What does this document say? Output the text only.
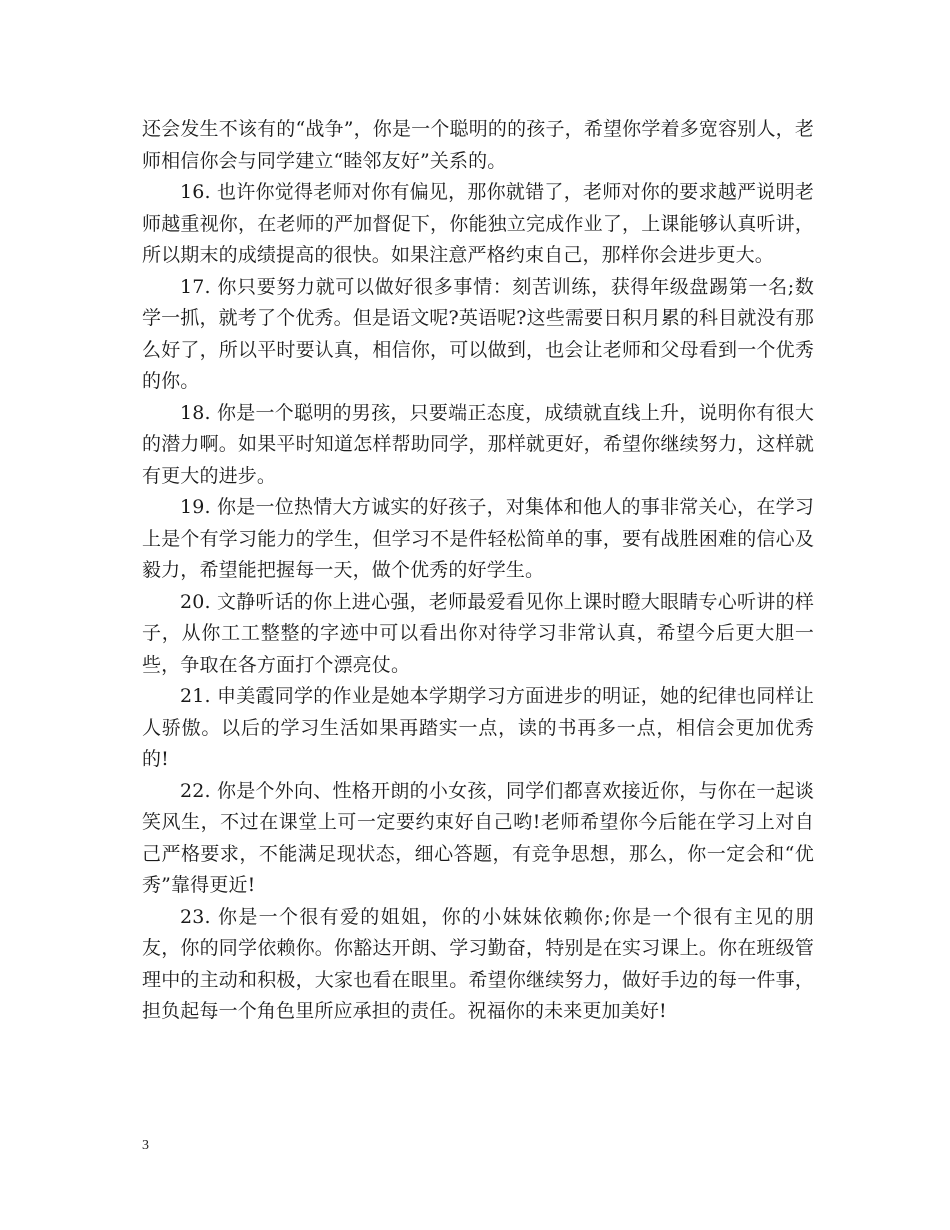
还会发生不该有的“战争”，你是一个聪明的的孩子，希望你学着多宽容别人，老师相信你会与同学建立“睦邻友好”关系的。

16. 也许你觉得老师对你有偏见，那你就错了，老师对你的要求越严说明老师越重视你，在老师的严加督促下，你能独立完成作业了，上课能够认真听讲，所以期末的成绩提高的很快。如果注意严格约束自己，那样你会进步更大。

17. 你只要努力就可以做好很多事情：刻苦训练，获得年级盘踢第一名;数学一抓，就考了个优秀。但是语文呢?英语呢?这些需要日积月累的科目就没有那么好了，所以平时要认真，相信你，可以做到，也会让老师和父母看到一个优秀的你。

18. 你是一个聪明的男孩，只要端正态度，成绩就直线上升，说明你有很大的潜力啊。如果平时知道怎样帮助同学，那样就更好，希望你继续努力，这样就有更大的进步。

19. 你是一位热情大方诚实的好孩子，对集体和他人的事非常关心，在学习上是个有学习能力的学生，但学习不是件轻松简单的事，要有战胜困难的信心及毅力，希望能把握每一天，做个优秀的好学生。

20. 文静听话的你上进心强，老师最爱看见你上课时瞪大眼睛专心听讲的样子，从你工工整整的字迹中可以看出你对待学习非常认真，希望今后更大胆一些，争取在各方面打个漂亮仗。

21. 申美霞同学的作业是她本学期学习方面进步的明证，她的纪律也同样让人骄傲。以后的学习生活如果再踏实一点，读的书再多一点，相信会更加优秀的!

22. 你是个外向、性格开朗的小女孩，同学们都喜欢接近你，与你在一起谈笑风生，不过在课堂上可一定要约束好自己哟!老师希望你今后能在学习上对自己严格要求，不能满足现状态，细心答题，有竞争思想，那么，你一定会和“优秀”靠得更近!

23. 你是一个很有爱的姐姐，你的小妹妹依赖你;你是一个很有主见的朋友，你的同学依赖你。你豁达开朗、学习勤奋，特别是在实习课上。你在班级管理中的主动和积极，大家也看在眼里。希望你继续努力，做好手边的每一件事，担负起每一个角色里所应承担的责任。祝福你的未来更加美好!

3
